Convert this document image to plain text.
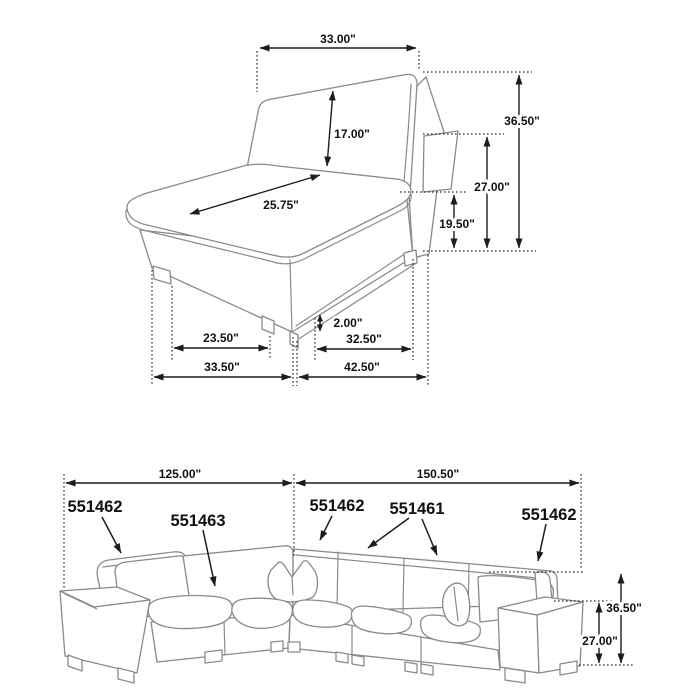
33.00"
17.00"
36.50"
27.00"
19.50"
25.75"
2.00"
23.50"	32.50"
33.50"	42.50"
125.00"	150.50"
36.50"
27.00"
551462
551463
551462 551461	551462
